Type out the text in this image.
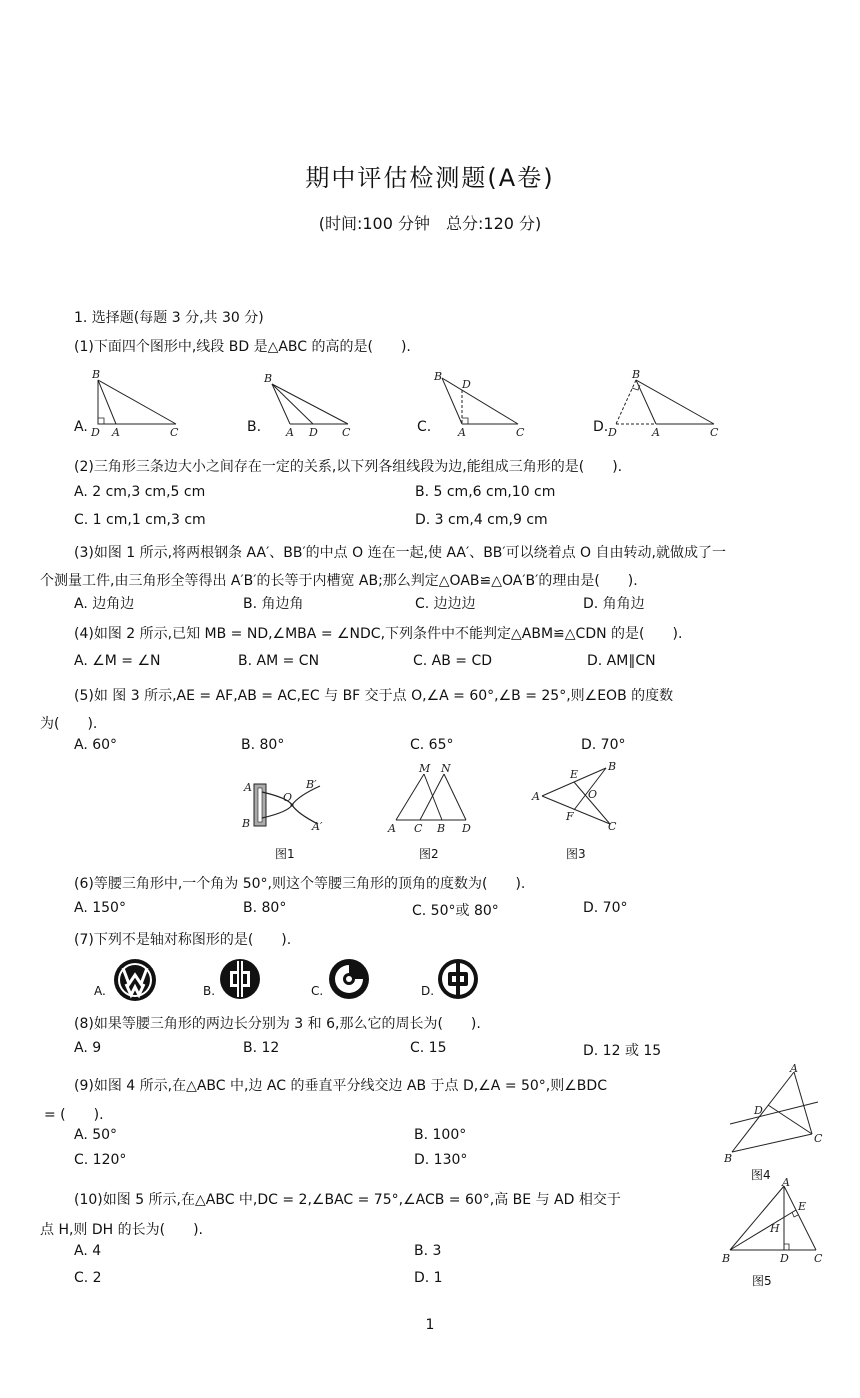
期中评估检测题(A卷)
(时间:100 分钟　总分:120 分)
1. 选择题(每题 3 分,共 30 分)
(1)下面四个图形中,线段 BD 是△ABC 的高的是(　　).
A.	B.	C.	D.
B
D A	C
B
A D C
B
D
A	C
B
D	A	C
(2)三角形三条边大小之间存在一定的关系,以下列各组线段为边,能组成三角形的是(　　).
A. 2 cm,3 cm,5 cm	B. 5 cm,6 cm,10 cm
C. 1 cm,1 cm,3 cm	D. 3 cm,4 cm,9 cm
(3)如图 1 所示,将两根钢条 AA′、BB′的中点 O 连在一起,使 AA′、BB′可以绕着点 O 自由转动,就做成了一
个测量工件,由三角形全等得出 A′B′的长等于内槽宽 AB;那么判定△OAB≌△OA′B′的理由是(　　).
A. 边角边	B. 角边角	C. 边边边	D. 角角边
(4)如图 2 所示,已知 MB = ND,∠MBA = ∠NDC,下列条件中不能判定△ABM≌△CDN 的是(　　).
A. ∠M = ∠N	B. AM = CN	C. AB = CD	D. AM∥CN
(5)如 图 3 所示,AE = AF,AB = AC,EC 与 BF 交于点 O,∠A = 60°,∠B = 25°,则∠EOB 的度数
为(　　).
A. 60°	B. 80°	C. 65°	D. 70°
A
B
O
B′
A′
M N
A C B D
A
E
B
O
F
C
图1	图2	图3
(6)等腰三角形中,一个角为 50°,则这个等腰三角形的顶角的度数为(　　).
A. 150°	B. 80°	C. 50°或 80°	D. 70°
(7)下列不是轴对称图形的是(　　).
A.	B.	C.	D.
(8)如果等腰三角形的两边长分别为 3 和 6,那么它的周长为(　　).
A. 9	B. 12	C. 15	D. 12 或 15
(9)如图 4 所示,在△ABC 中,边 AC 的垂直平分线交边 AB 于点 D,∠A = 50°,则∠BDC
= (　　).
A. 50°	B. 100°
C. 120°	D. 130°
A
D
C
B
图4
(10)如图 5 所示,在△ABC 中,DC = 2,∠BAC = 75°,∠ACB = 60°,高 BE 与 AD 相交于
点 H,则 DH 的长为(　　).
A. 4	B. 3
C. 2	D. 1
A
E
H
B	D C
图5
1
